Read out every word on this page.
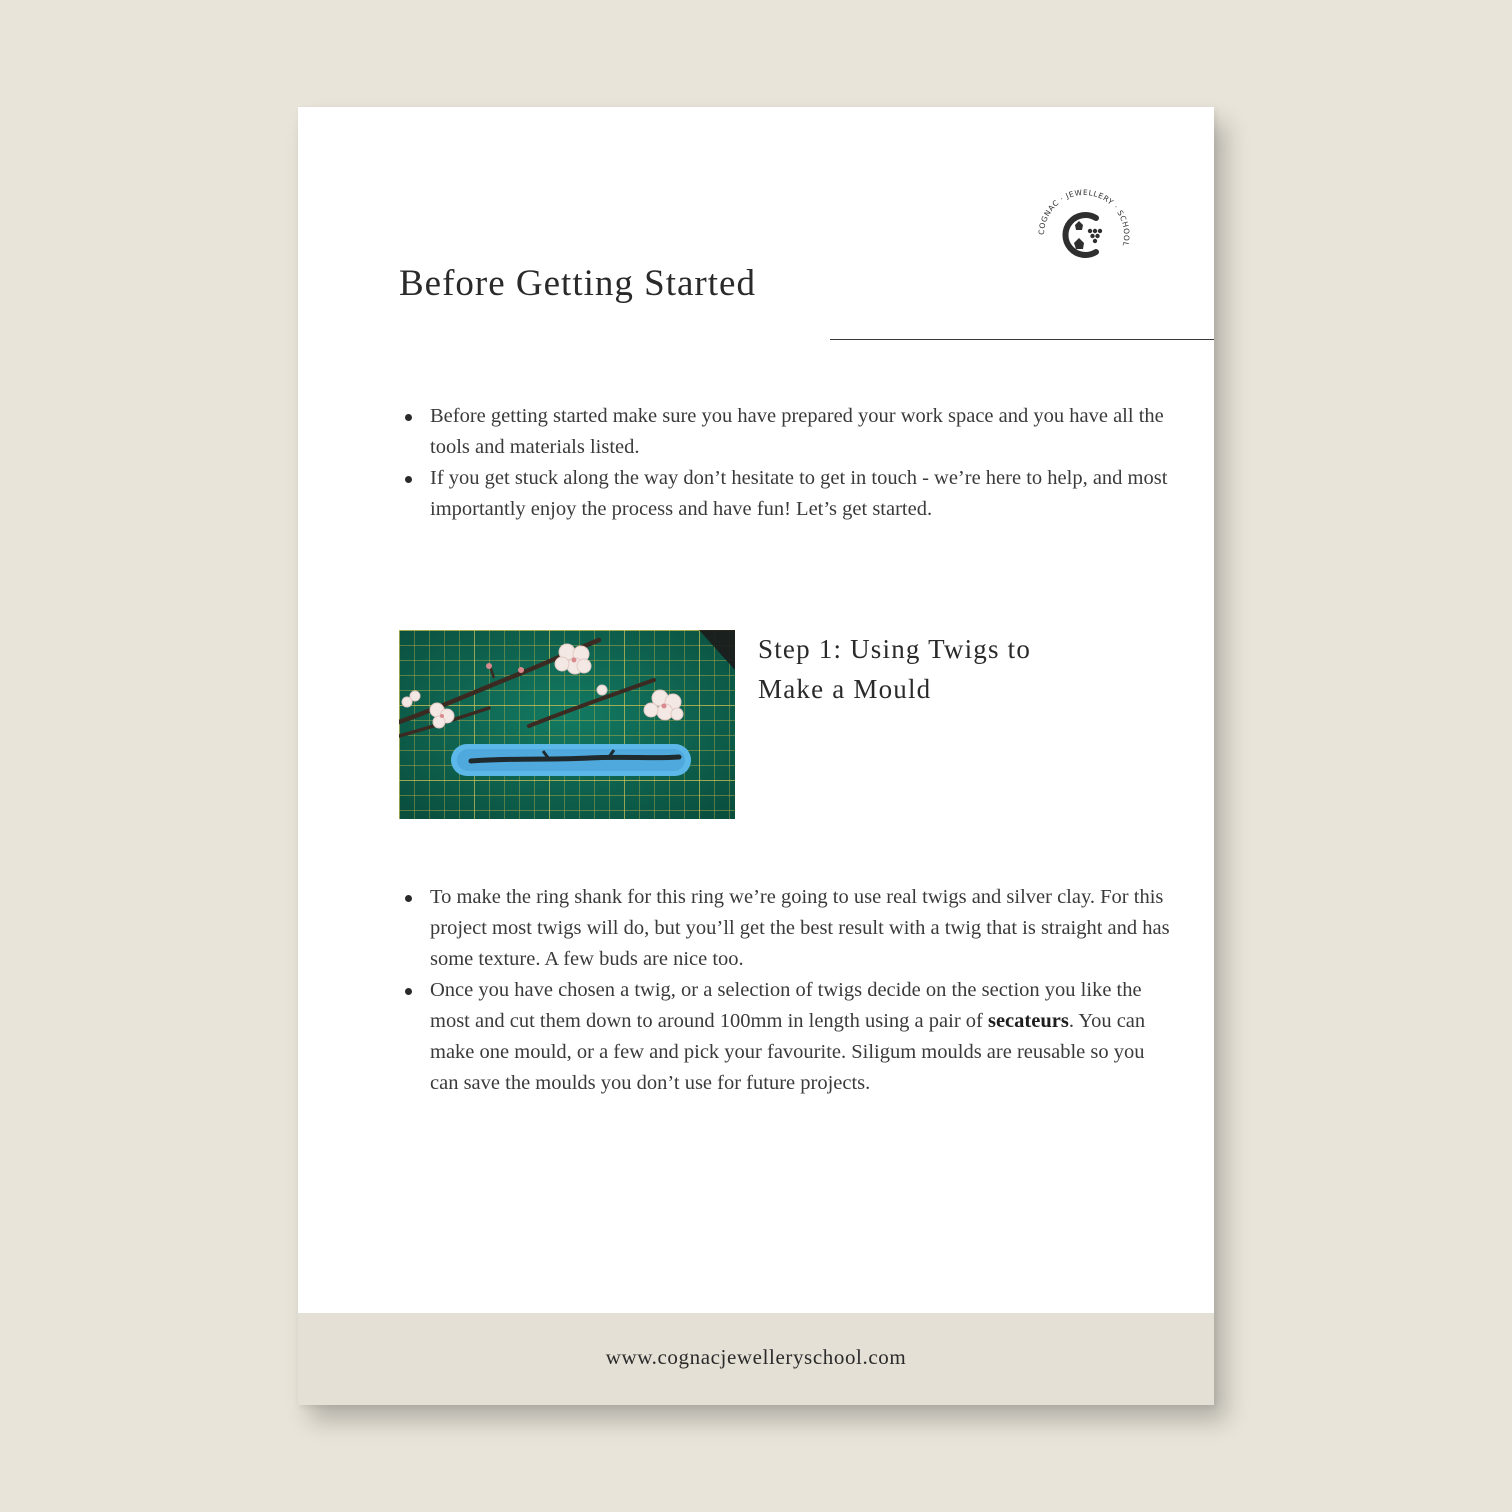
COGNAC · JEWELLERY · SCHOOL
Before Getting Started
Before getting started make sure you have prepared your work space and you have all the tools and materials listed.
If you get stuck along the way don’t hesitate to get in touch - we’re here to help, and most importantly enjoy the process and have fun! Let’s get started.
Step 1: Using Twigs to
Make a Mould
To make the ring shank for this ring we’re going to use real twigs and silver clay. For this project most twigs will do, but you’ll get the best result with a twig that is straight and has some texture. A few buds are nice too.
Once you have chosen a twig, or a selection of twigs decide on the section you like the most and cut them down to around 100mm in length using a pair of secateurs. You can make one mould, or a few and pick your favourite. Siligum moulds are reusable so you can save the moulds you don’t use for future projects.
www.cognacjewelleryschool.com
